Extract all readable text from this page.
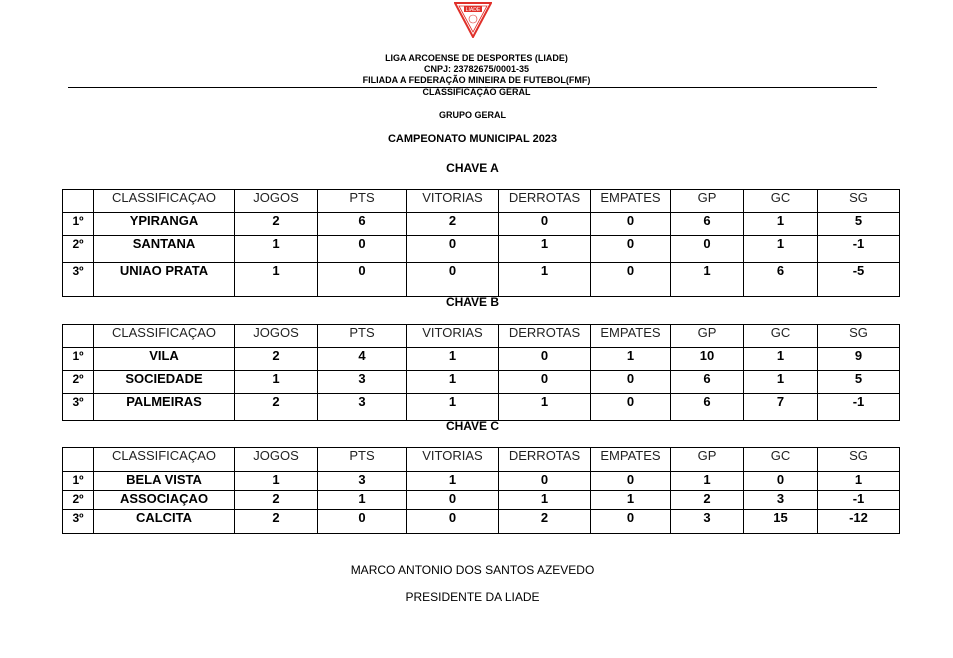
LIADE
LIGA ARCOENSE DE DESPORTES (LIADE)
CNPJ: 23782675/0001-35
FILIADA A FEDERAÇÃO MINEIRA DE FUTEBOL(FMF)
CLASSIFICAÇÃO GERAL
GRUPO GERAL
CAMPEONATO MUNICIPAL 2023
CHAVE A
	CLASSIFICAÇAO	JOGOS	PTS	VITORIAS	DERROTAS	EMPATES	GP	GC	SG
1º	YPIRANGA	2	6	2	0	0	6	1	5
2º	SANTANA	1	0	0	1	0	0	1	-1
3º	UNIAO PRATA	1	0	0	1	0	1	6	-5
CHAVE B
	CLASSIFICAÇAO	JOGOS	PTS	VITORIAS	DERROTAS	EMPATES	GP	GC	SG
1º	VILA	2	4	1	0	1	10	1	9
2º	SOCIEDADE	1	3	1	0	0	6	1	5
3º	PALMEIRAS	2	3	1	1	0	6	7	-1
CHAVE C
	CLASSIFICAÇAO	JOGOS	PTS	VITORIAS	DERROTAS	EMPATES	GP	GC	SG
1º	BELA VISTA	1	3	1	0	0	1	0	1
2º	ASSOCIAÇAO	2	1	0	1	1	2	3	-1
3º	CALCITA	2	0	0	2	0	3	15	-12
MARCO ANTONIO DOS SANTOS AZEVEDO
PRESIDENTE DA LIADE
